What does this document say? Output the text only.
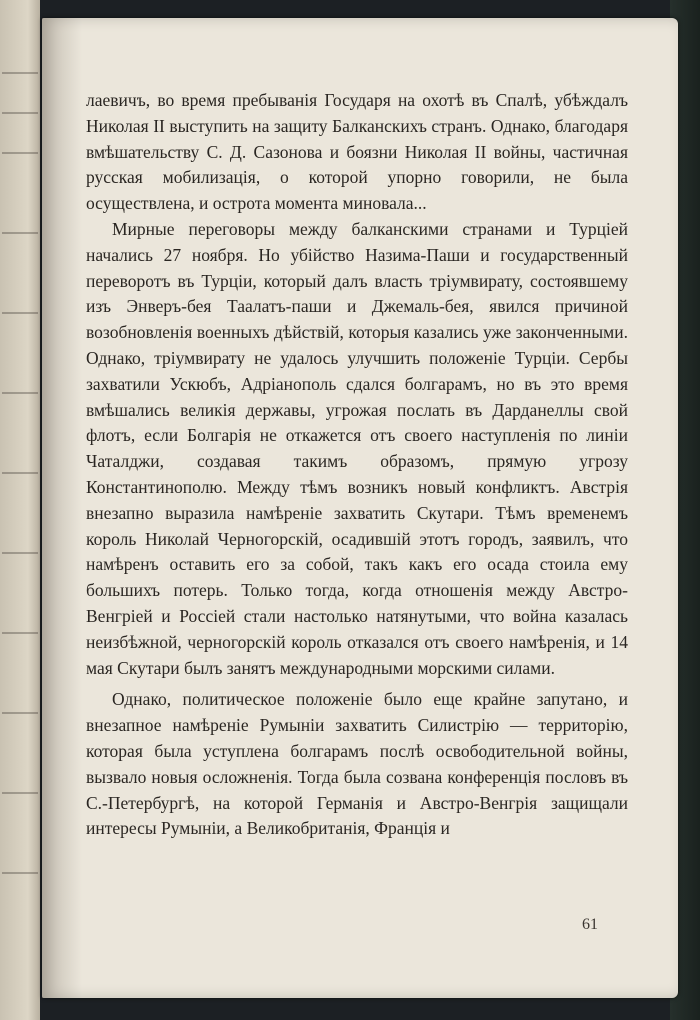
лаевичъ, во время пребыванія Государя на охотѣ въ Спалѣ, убѣждалъ Николая II выступить на защиту Балканскихъ странъ. Однако, благодаря вмѣшательству С. Д. Сазонова и боязни Николая II войны, частичная русская мобилизація, о которой упорно говорили, не была осуществлена, и острота момента миновала...

Мирные переговоры между балканскими странами и Турціей начались 27 ноября. Но убійство Назима-Паши и государственный переворотъ въ Турціи, который далъ власть тріумвирату, состоявшему изъ Энверъ-бея Таалатъ-паши и Джемаль-бея, явился причиной возобновленія военныхъ дѣйствій, которыя казались уже законченными. Однако, тріумвирату не удалось улучшить положеніе Турціи. Сербы захватили Ускюбъ, Адріанополь сдался болгарамъ, но въ это время вмѣшались великія державы, угрожая послать въ Дарданеллы свой флотъ, если Болгарія не откажется отъ своего наступленія по линіи Чаталджи, создавая такимъ образомъ, прямую угрозу Константинополю. Между тѣмъ возникъ новый конфликтъ. Австрія внезапно выразила намѣреніе захватить Скутари. Тѣмъ временемъ король Николай Черногорскій, осадившій этотъ городъ, заявилъ, что намѣренъ оставить его за собой, такъ какъ его осада стоила ему большихъ потерь. Только тогда, когда отношенія между Австро-Венгріей и Россіей стали настолько натянутыми, что война казалась неизбѣжной, черногорскій король отказался отъ своего намѣренія, и 14 мая Скутари былъ занятъ международными морскими силами.

Однако, политическое положеніе было еще крайне запутано, и внезапное намѣреніе Румыніи захватить Силистрію — территорію, которая была уступлена болгарамъ послѣ освободительной войны, вызвало новыя осложненія. Тогда была созвана конференція пословъ въ С.-Петербургѣ, на которой Германія и Австро-Венгрія защищали интересы Румыніи, а Великобританія, Франція и

61
